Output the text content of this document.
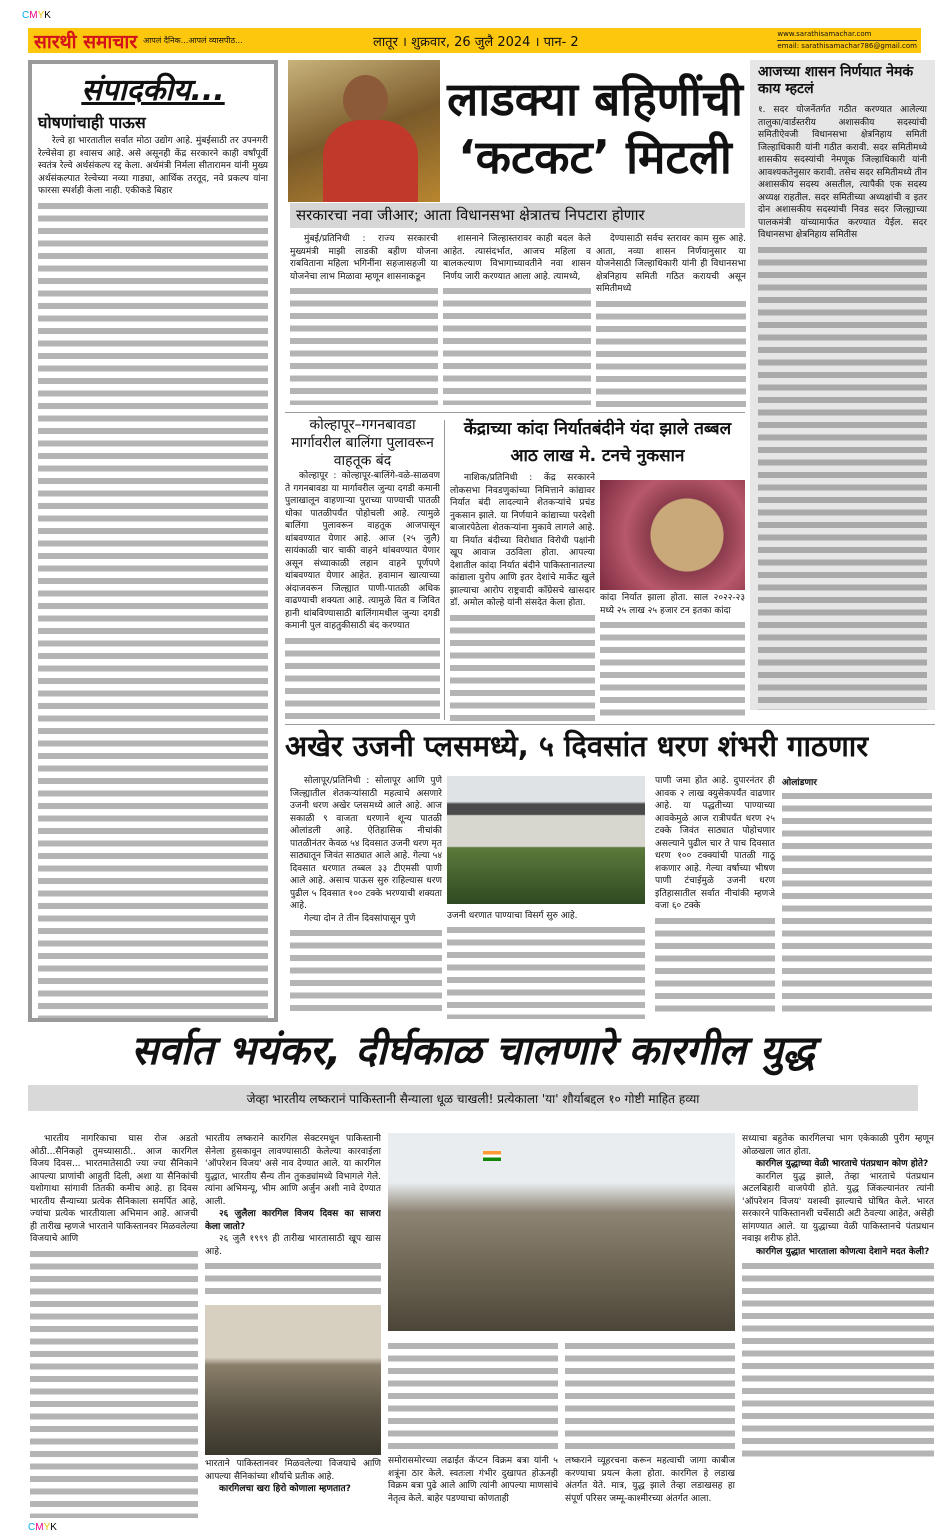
CMYK
सारथी समाचार आपलं दैनिक...आपलं व्यासपीठ...	लातूर । शुक्रवार, 26 जुलै 2024 । पान- 2
www.sarathisamachar.com
email: sarathisamachar786@gmail.com
संपादकीय...
घोषणांचाही पाऊस

रेल्वे हा भारतातील सर्वात मोठा उद्योग आहे. मुंबईसाठी तर उपनगरी रेल्वेसेवा हा श्वासच आहे. असे असूनही केंद्र सरकारने काही वर्षांपूर्वी स्वतंत्र रेल्वे अर्थसंकल्प रद्द केला. अर्थमंत्री निर्मला सीतारामन यांनी मुख्य अर्थसंकल्पात रेल्वेच्या नव्या गाड्या, आर्थिक तरतूद, नवे प्रकल्प यांना फारसा स्पर्शही केला नाही. एकीकडे बिहार

लाडक्या बहिणींची ‘कटकट’ मिटली
सरकारचा नवा जीआर; आता विधानसभा क्षेत्रातच निपटारा होणार

मुंबई/प्रतिनिधी : राज्य सरकारची मुख्यमंत्री माझी लाडकी बहीण योजना राबविताना महिला भगिनींना सहजासहजी या योजनेचा लाभ मिळावा म्हणून शासनाकडून

शासनाने जिल्हास्तरावर काही बदल केले आहेत. त्यासंदर्भात, आजच महिला व बालकल्याण विभागाच्यावतीने नवा शासन निर्णय जारी करण्यात आला आहे. त्यामध्ये,

देण्यासाठी सर्वच स्तरावर काम सुरू आहे. आता, नव्या शासन निर्णयानुसार या योजनेसाठी जिल्हाधिकारी यांनी ही विधानसभा क्षेत्रनिहाय समिती गठित करायची असून समितीमध्ये

आजच्या शासन निर्णयात नेमकं काय म्हटलं

१. सदर योजनेंतर्गत गठीत करण्यात आलेल्या तालुका/वार्डस्तरीय अशासकीय सदस्यांची समितीऐवजी विधानसभा क्षेत्रनिहाय समिती जिल्हाधिकारी यांनी गठीत करावी. सदर समितीमध्ये शासकीय सदस्यांची नेमणूक जिल्हाधिकारी यांनी आवश्यकतेनुसार करावी. तसेच सदर समितीमध्ये तीन अशासकीय सदस्य असतील, त्यापैकी एक सदस्य अध्यक्ष राहतील. सदर समितीच्या अध्यक्षांची व इतर दोन अशासकीय सदस्यांची निवड सदर जिल्ह्याच्या पालकमंत्री यांच्यामार्फत करण्यात येईल. सदर विधानसभा क्षेत्रनिहाय समितीस

कोल्हापूर–गगनबावडा मार्गावरील बालिंगा पुलावरून वाहतूक बंद

कोल्हापूर : कोल्हापूर-बालिंगे-वळे-साळवण ते गगनबावडा या मार्गावरील जुन्या दगडी कमानी पुलाखालून वाहणाऱ्या पुराच्या पाण्याची पातळी धोका पातळीपर्यंत पोहोचली आहे. त्यामुळे बालिंगा पुलावरून वाहतूक आजपासून थांबवण्यात येणार आहे. आज (२५ जुलै) सायंकाळी चार चाकी वाहने थांबवण्यात येणार असून संध्याकाळी लहान वाहने पूर्णपणे थांबवण्यात येणार आहेत. हवामान खात्याच्या अंदाजवरून जिल्ह्यात पाणी-पातळी अधिक वाढण्याची शक्यता आहे. त्यामुळे वित व जिवित हानी थांबविण्यासाठी बालिंगामधील जुन्या दगडी कमानी पुल वाहतुकीसाठी बंद करण्यात

केंद्राच्या कांदा निर्यातबंदीने यंदा झाले तब्बल आठ लाख मे. टनचे नुकसान

नाशिक/प्रतिनिधी : केंद्र सरकारने लोकसभा निवडणुकांच्या निमित्ताने कांद्यावर निर्यात बंदी लादल्याने शेतकऱ्यांचे प्रचंड नुकसान झाले. या निर्णयाने कांद्याच्या परदेशी बाजारपेठेला शेतकऱ्यांना मुकावे लागले आहे. या निर्यात बंदीच्या विरोधात विरोधी पक्षांनी खूप आवाज उठविला होता. आपल्या देशातील कांदा निर्यात बंदीने पाकिस्तानातल्या कांद्याला युरोप आणि इतर देशांचे मार्केट खुले झाल्याचा आरोप राष्ट्रवादी काँग्रेसचे खासदार डॉ. अमोल कोल्हे यांनी संसदेत केला होता.	कांदा निर्यात झाला होता. साल २०२२-२३ मध्ये २५ लाख २५ हजार टन इतका कांदा

अखेर उजनी प्लसमध्ये, ५ दिवसांत धरण शंभरी गाठणार

सोलापूर/प्रतिनिधी : सोलापूर आणि पुणे जिल्ह्यातील शेतकऱ्यांसाठी महत्वाचे असणारे उजनी धरण अखेर प्लसमध्ये आले आहे. आज सकाळी ९ वाजता धरणाने शून्य पातळी ओलांडली आहे. ऐतिहासिक नीचांकी पातळीनंतर केवळ ५४ दिवसात उजनी धरण मृत साठ्यातून जिवंत साठ्यात आले आहे. गेल्या ५४ दिवसात धरणात तब्बल ३३ टीएमसी पाणी आले आहे. असाच पाऊस सुरु राहिल्यास धरण पुढील ५ दिवसात १०० टक्के भरण्याची शक्यता आहे.

गेल्या दोन ते तीन दिवसांपासून पुणे	उजनी धरणात पाण्याचा विसर्ग सुरु आहे.

पाणी जमा होत आहे. दुपारनंतर ही आवक २ लाख क्युसेकपर्यंत वाढणार आहे. या पद्धतीच्या पाण्याच्या आवकेमुळे आज रात्रीपर्यंत धरण २५ टक्के जिवंत साठ्यात पोहोचणार असल्याने पुढील चार ते पाच दिवसात धरण १०० टक्क्यांची पातळी गाठू शकणार आहे. गेल्या वर्षाच्या भीषण पाणी टंचाईमुळे उजनी धरण इतिहासातील सर्वात नीचांकी म्हणजे वजा ६० टक्के

ओलांडणार
सर्वात भयंकर, दीर्घकाळ चालणारे कारगील युद्ध
जेव्हा भारतीय लष्करानं पाकिस्तानी सैन्याला धूळ चाखली! प्रत्येकाला 'या' शौर्याबद्दल १० गोष्टी माहित हव्या

भारतीय नागरिकाचा घास रोज अडतो ओठी...सैनिकहो तुमच्यासाठी.. आज कारगिल विजय दिवस... भारतमातेसाठी ज्या ज्या सैनिकाने आपल्या प्राणांची आहुती दिली, अशा या सैनिकांची यशोगाथा सांगावी तितकी कमीच आहे. हा दिवस भारतीय सैन्याच्या प्रत्येक सैनिकाला समर्पित आहे, ज्यांचा प्रत्येक भारतीयाला अभिमान आहे. आजची ही तारीख म्हणजे भारताने पाकिस्तानवर मिळवलेल्या विजयाचे आणि

भारतीय लष्कराने कारगिल सेक्टरमधून पाकिस्तानी सेनेला हुसकावून लावण्यासाठी केलेल्या कारवाईला 'ऑपरेशन विजय' असे नाव देण्यात आले. या कारगिल युद्धात, भारतीय सैन्य तीन तुकड्यांमध्ये विभागले गेले. त्यांना अभिमन्यू, भीम आणि अर्जुन अशी नावे देण्यात आली.

२६ जुलैला कारगिल विजय दिवस का साजरा केला जातो?

२६ जुलै १९९९ ही तारीख भारतासाठी खूप खास आहे.

भारताने पाकिस्तानवर मिळवलेल्या विजयाचे आणि आपल्या सैनिकांच्या शौर्याचे प्रतीक आहे.

कारगिलचा खरा हिरो कोणाला म्हणतात?

समोरासमोरच्या लढाईत कॅप्टन विक्रम बत्रा यांनी ५ शत्रूंना ठार केले. स्वतःला गंभीर दुखापत होऊनही विक्रम बत्रा पुढे आले आणि त्यांनी आपल्या माणसांचे नेतृत्व केले. बाहेर पडण्याचा कोणताही

लष्कराने व्यूहरचना करून महत्वाची जागा काबीज करण्याचा प्रयत्न केला होता. कारगिल हे लडाख अंतर्गत येते. मात्र, युद्ध झाले तेव्हा लडाखसह हा संपूर्ण परिसर जम्मू-काश्मीरच्या अंतर्गत आला.

सध्याचा बहुतेक कारगिलचा भाग एकेकाळी पुरीग म्हणून ओळखला जात होता.

कारगिल युद्धाच्या वेळी भारताचे पंतप्रधान कोण होते?

कारगिल युद्ध झाले, तेव्हा भारताचे पंतप्रधान अटलबिहारी वाजपेयी होते. युद्ध जिंकल्यानंतर त्यांनी 'ऑपरेशन विजय' यशस्वी झाल्याचे घोषित केले. भारत सरकारने पाकिस्तानशी चर्चेसाठी अटी ठेवल्या आहेत, असेही सांगण्यात आले. या युद्धाच्या वेळी पाकिस्तानचे पंतप्रधान नवाझ शरीफ होते.

कारगिल युद्धात भारताला कोणत्या देशाने मदत केली?

CMYK
